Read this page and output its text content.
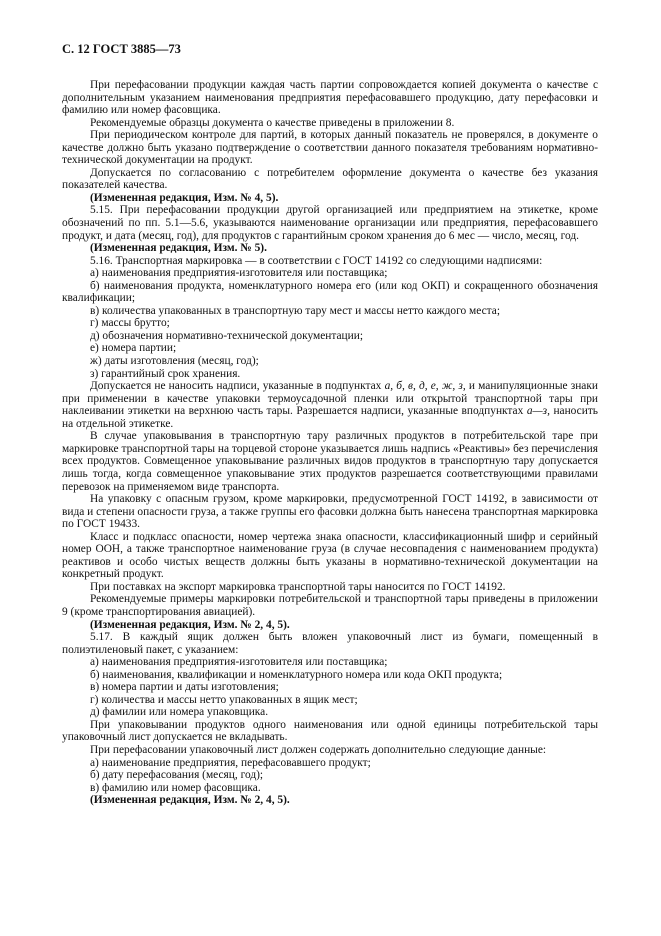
С. 12 ГОСТ 3885—73

При перефасовании продукции каждая часть партии сопровождается копией документа о качестве с дополнительным указанием наименования предприятия перефасовавшего продукцию, дату перефасовки и фамилию или номер фасовщика.

Рекомендуемые образцы документа о качестве приведены в приложении 8.

При периодическом контроле для партий, в которых данный показатель не проверялся, в документе о качестве должно быть указано подтверждение о соответствии данного показателя требованиям нормативно-технической документации на продукт.

Допускается по согласованию с потребителем оформление документа о качестве без указания показателей качества.

(Измененная редакция, Изм. № 4, 5).

5.15. При перефасовании продукции другой организацией или предприятием на этикетке, кроме обозначений по пп. 5.1—5.6, указываются наименование организации или предприятия, перефасовавшего продукт, и дата (месяц, год), для продуктов с гарантийным сроком хранения до 6 мес — число, месяц, год.

(Измененная редакция, Изм. № 5).

5.16. Транспортная маркировка — в соответствии с ГОСТ 14192 со следующими надписями:

а) наименования предприятия-изготовителя или поставщика;

б) наименования продукта, номенклатурного номера его (или код ОКП) и сокращенного обозначения квалификации;

в) количества упакованных в транспортную тару мест и массы нетто каждого места;

г) массы брутто;

д) обозначения нормативно-технической документации;

е) номера партии;

ж) даты изготовления (месяц, год);

з) гарантийный срок хранения.

Допускается не наносить надписи, указанные в подпунктах а, б, в, д, е, ж, з, и манипуляционные знаки при применении в качестве упаковки термоусадочной пленки или открытой транспортной тары при наклеивании этикетки на верхнюю часть тары. Разрешается надписи, указанные вподпунктах а—з, наносить на отдельной этикетке.

В случае упаковывания в транспортную тару различных продуктов в потребительской таре при маркировке транспортной тары на торцевой стороне указывается лишь надпись «Реактивы» без перечисления всех продуктов. Совмещенное упаковывание различных видов продуктов в транспортную тару допускается лишь тогда, когда совмещенное упаковывание этих продуктов разрешается соответствующими правилами перевозок на применяемом виде транспорта.

На упаковку с опасным грузом, кроме маркировки, предусмотренной ГОСТ 14192, в зависимости от вида и степени опасности груза, а также группы его фасовки должна быть нанесена транспортная маркировка по ГОСТ 19433.

Класс и подкласс опасности, номер чертежа знака опасности, классификационный шифр и серийный номер ООН, а также транспортное наименование груза (в случае несовпадения с наименованием продукта) реактивов и особо чистых веществ должны быть указаны в нормативно-технической документации на конкретный продукт.

При поставках на экспорт маркировка транспортной тары наносится по ГОСТ 14192.

Рекомендуемые примеры маркировки потребительской и транспортной тары приведены в приложении 9 (кроме транспортирования авиацией).

(Измененная редакция, Изм. № 2, 4, 5).

5.17. В каждый ящик должен быть вложен упаковочный лист из бумаги, помещенный в полиэтиленовый пакет, с указанием:

а) наименования предприятия-изготовителя или поставщика;

б) наименования, квалификации и номенклатурного номера или кода ОКП продукта;

в) номера партии и даты изготовления;

г) количества и массы нетто упакованных в ящик мест;

д) фамилии или номера упаковщика.

При упаковывании продуктов одного наименования или одной единицы потребительской тары упаковочный лист допускается не вкладывать.

При перефасовании упаковочный лист должен содержать дополнительно следующие данные:

а) наименование предприятия, перефасовавшего продукт;

б) дату перефасования (месяц, год);

в) фамилию или номер фасовщика.

(Измененная редакция, Изм. № 2, 4, 5).
